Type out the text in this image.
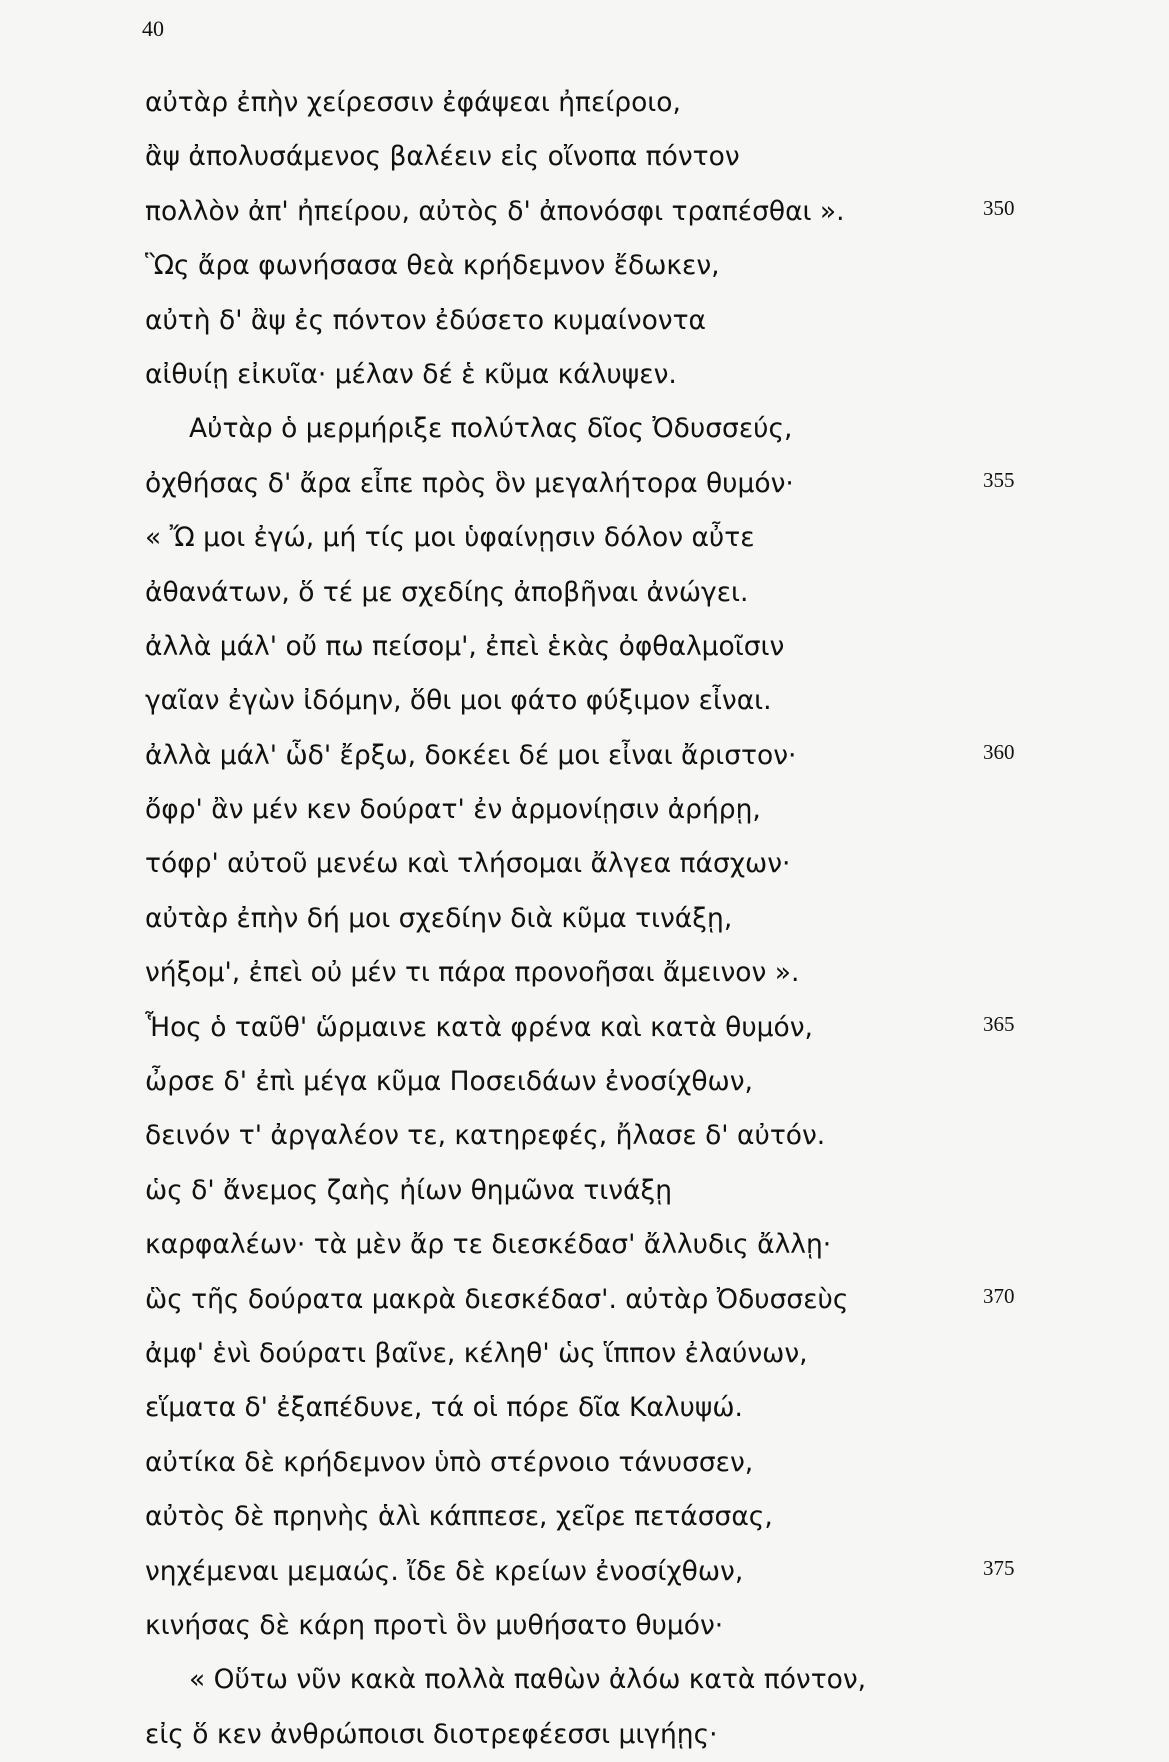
40
αὐτὰρ ἐπὴν χείρεσσιν ἐφάψεαι ἠπείροιο,
ἂψ ἀπολυσάμενος βαλέειν εἰς οἴνοπα πόντον
πολλὸν ἀπ' ἠπείρου, αὐτὸς δ' ἀπονόσφι τραπέσθαι ».	350
Ὣς ἄρα φωνήσασα θεὰ κρήδεμνον ἔδωκεν,
αὐτὴ δ' ἂψ ἐς πόντον ἐδύσετο κυμαίνοντα
αἰθυίῃ εἰκυῖα· μέλαν δέ ἑ κῦμα κάλυψεν.
Αὐτὰρ ὁ μερμήριξε πολύτλας δῖος Ὀδυσσεύς,
ὀχθήσας δ' ἄρα εἶπε πρὸς ὃν μεγαλήτορα θυμόν·	355
« Ὤ μοι ἐγώ, μή τίς μοι ὑφαίνῃσιν δόλον αὖτε
ἀθανάτων, ὅ τέ με σχεδίης ἀποβῆναι ἀνώγει.
ἀλλὰ μάλ' οὔ πω πείσομ', ἐπεὶ ἑκὰς ὀφθαλμοῖσιν
γαῖαν ἐγὼν ἰδόμην, ὅθι μοι φάτο φύξιμον εἶναι.
ἀλλὰ μάλ' ὧδ' ἔρξω, δοκέει δέ μοι εἶναι ἄριστον·	360
ὄφρ' ἂν μέν κεν δούρατ' ἐν ἁρμονίῃσιν ἀρήρῃ,
τόφρ' αὐτοῦ μενέω καὶ τλήσομαι ἄλγεα πάσχων·
αὐτὰρ ἐπὴν δή μοι σχεδίην διὰ κῦμα τινάξῃ,
νήξομ', ἐπεὶ οὐ μέν τι πάρα προνοῆσαι ἄμεινον ».
Ἧος ὁ ταῦθ' ὥρμαινε κατὰ φρένα καὶ κατὰ θυμόν,	365
ὦρσε δ' ἐπὶ μέγα κῦμα Ποσειδάων ἐνοσίχθων,
δεινόν τ' ἀργαλέον τε, κατηρεφές, ἤλασε δ' αὐτόν.
ὡς δ' ἄνεμος ζαὴς ἠίων θημῶνα τινάξῃ
καρφαλέων· τὰ μὲν ἄρ τε διεσκέδασ' ἄλλυδις ἄλλῃ·
ὣς τῆς δούρατα μακρὰ διεσκέδασ'. αὐτὰρ Ὀδυσσεὺς	370
ἀμφ' ἑνὶ δούρατι βαῖνε, κέληθ' ὡς ἵππον ἐλαύνων,
εἵματα δ' ἐξαπέδυνε, τά οἱ πόρε δῖα Καλυψώ.
αὐτίκα δὲ κρήδεμνον ὑπὸ στέρνοιο τάνυσσεν,
αὐτὸς δὲ πρηνὴς ἁλὶ κάππεσε, χεῖρε πετάσσας,
νηχέμεναι μεμαώς. ἴδε δὲ κρείων ἐνοσίχθων,	375
κινήσας δὲ κάρη προτὶ ὃν μυθήσατο θυμόν·
« Οὕτω νῦν κακὰ πολλὰ παθὼν ἀλόω κατὰ πόντον,
εἰς ὅ κεν ἀνθρώποισι διοτρεφέεσσι μιγήῃς·
